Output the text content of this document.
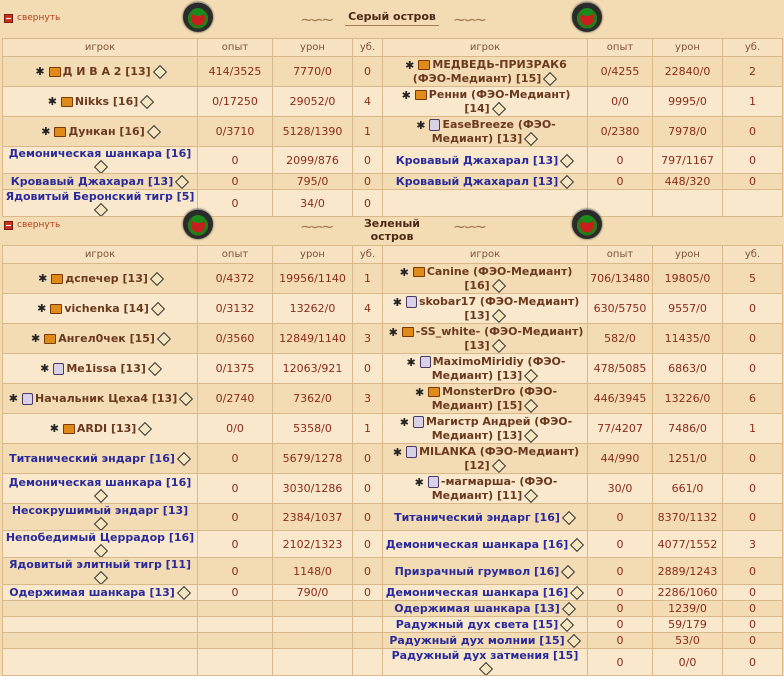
свернуть	~∽~ Серый остров ~∽~
игрок	опыт	урон	уб.	игрок	опыт	урон	уб.
✱ Д И В А 2 [13]	414/3525	7770/0	0	✱ МЕДВЕДЬ-ПРИЗРАК6 (ФЭО-Медиант) [15]	0/4255	22840/0	2
✱ Nikks [16]	0/17250	29052/0	4	✱ Ренни (ФЭО-Медиант) [14]	0/0	9995/0	1
✱ Дункан [16]	0/3710	5128/1390	1	✱ EaseBreeze (ФЭО-Медиант) [13]	0/2380	7978/0	0
Демоническая шанкара [16]	0	2099/876	0	Кровавый Джахарал [13]	0	797/1167	0
Кровавый Джахарал [13]	0	795/0	0	Кровавый Джахарал [13]	0	448/320	0
Ядовитый Беронский тигр [5]	0	34/0	0				
свернуть	~∽~	Зеленый остров
~∽~
игрок	опыт	урон	уб.	игрок	опыт	урон	уб.
✱ дспечер [13]	0/4372	19956/1140	1	✱ Canine (ФЭО-Медиант) [16]	706/13480	19805/0	5
✱ vichenka [14]	0/3132	13262/0	4	✱ skobar17 (ФЭО-Медиант) [13]	630/5750	9557/0	0
✱ Ангел0чек [15]	0/3560	12849/1140	3	✱ -SS_white- (ФЭО-Медиант) [13]	582/0	11435/0	0
✱ Me1issa [13]	0/1375	12063/921	0	✱ MaximoMiridiy (ФЭО-Медиант) [13]	478/5085	6863/0	0
✱ Начальник Цеха4 [13]	0/2740	7362/0	3	✱ MonsterDro (ФЭО-Медиант) [15]	446/3945	13226/0	6
✱ ARDI [13]	0/0	5358/0	1	✱ Магистр Андрей (ФЭО-Медиант) [13]	77/4207	7486/0	1
Титанический эндарг [16]	0	5679/1278	0	✱ MILANKA (ФЭО-Медиант) [12]	44/990	1251/0	0
Демоническая шанкара [16]	0	3030/1286	0	✱ -магмарша- (ФЭО-Медиант) [11]	30/0	661/0	0
Несокрушимый эндарг [13]	0	2384/1037	0	Титанический эндарг [16]	0	8370/1132	0
Непобедимый Церрадор [16]	0	2102/1323	0	Демоническая шанкара [16]	0	4077/1552	3
Ядовитый элитный тигр [11]	0	1148/0	0	Призрачный грумвол [16]	0	2889/1243	0
Одержимая шанкара [13]	0	790/0	0	Демоническая шанкара [16]	0	2286/1060	0
				Одержимая шанкара [13]	0	1239/0	0
				Радужный дух света [15]	0	59/179	0
				Радужный дух молнии [15]	0	53/0	0
				Радужный дух затмения [15]	0	0/0	0
